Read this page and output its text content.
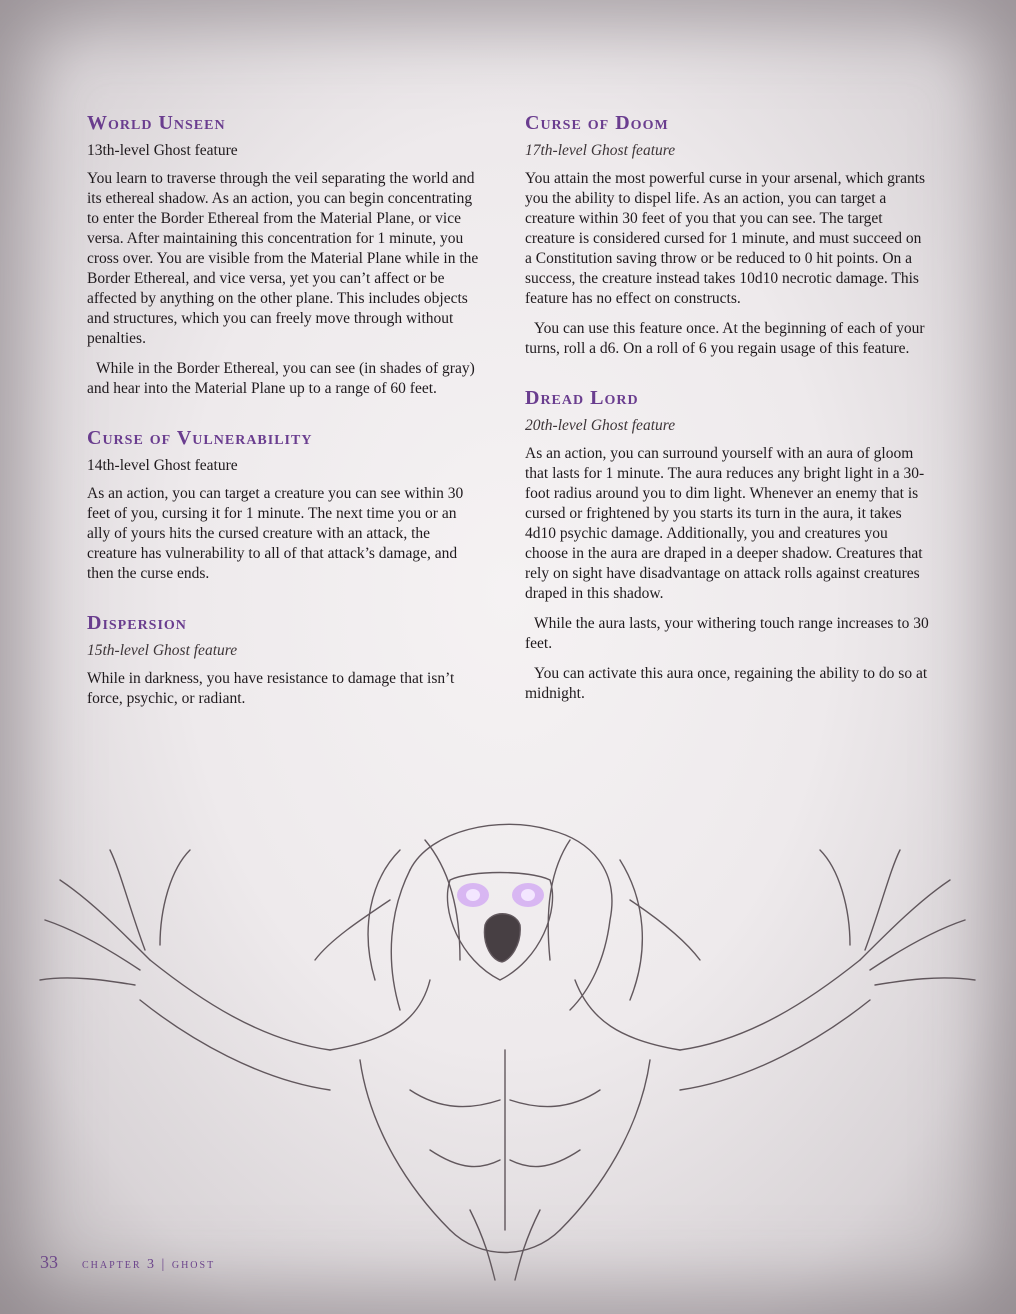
World Unseen
13th-level Ghost feature

You learn to traverse through the veil separating the world and its ethereal shadow. As an action, you can begin concentrating to enter the Border Ethereal from the Material Plane, or vice versa. After maintaining this concentration for 1 minute, you cross over. You are visible from the Material Plane while in the Border Ethereal, and vice versa, yet you can’t affect or be affected by anything on the other plane. This includes objects and structures, which you can freely move through without penalties.

While in the Border Ethereal, you can see (in shades of gray) and hear into the Material Plane up to a range of 60 feet.

Curse of Vulnerability
14th-level Ghost feature

As an action, you can target a creature you can see within 30 feet of you, cursing it for 1 minute. The next time you or an ally of yours hits the cursed creature with an attack, the creature has vulnerability to all of that attack’s damage, and then the curse ends.

Dispersion
15th-level Ghost feature

While in darkness, you have resistance to damage that isn’t force, psychic, or radiant.

Curse of Doom
17th-level Ghost feature

You attain the most powerful curse in your arsenal, which grants you the ability to dispel life. As an action, you can target a creature within 30 feet of you that you can see. The target creature is considered cursed for 1 minute, and must succeed on a Constitution saving throw or be reduced to 0 hit points. On a success, the creature instead takes 10d10 necrotic damage. This feature has no effect on constructs.

You can use this feature once. At the beginning of each of your turns, roll a d6. On a roll of 6 you regain usage of this feature.

Dread Lord
20th-level Ghost feature

As an action, you can surround yourself with an aura of gloom that lasts for 1 minute. The aura reduces any bright light in a 30-foot radius around you to dim light. Whenever an enemy that is cursed or frightened by you starts its turn in the aura, it takes 4d10 psychic damage. Additionally, you and creatures you choose in the aura are draped in a deeper shadow. Creatures that rely on sight have disadvantage on attack rolls against creatures draped in this shadow.

While the aura lasts, your withering touch range increases to 30 feet.

You can activate this aura once, regaining the ability to do so at midnight.

33 chapter 3 | ghost
